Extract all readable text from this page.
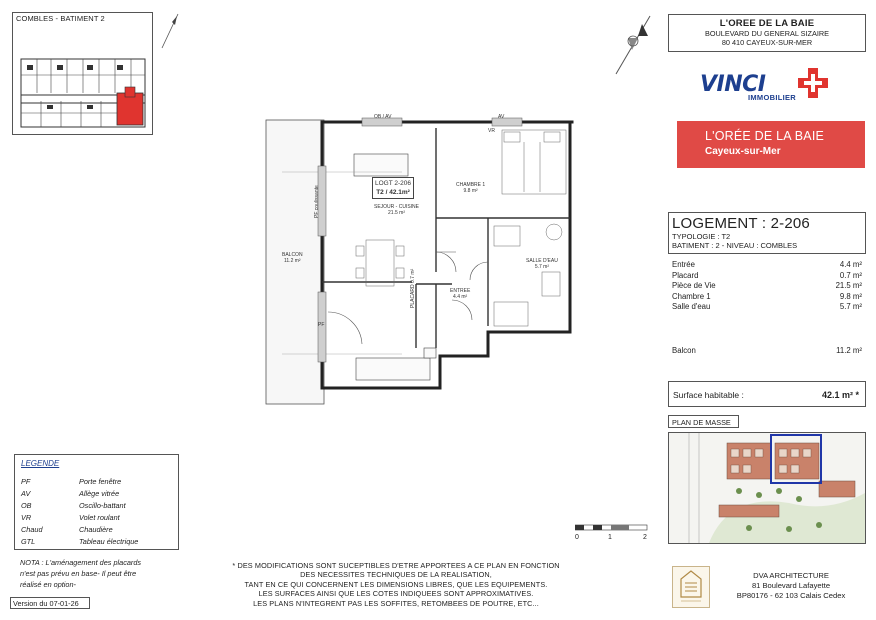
COMBLES - BATIMENT 2	L'OREE DE LA BAIE
BOULEVARD DU GENERAL SIZAIRE
80 410 CAYEUX-SUR-MER
VINCI
IMMOBILIER
L'ORÉE DE LA BAIE
Cayeux-sur-Mer
LOGEMENT : 2-206
TYPOLOGIE : T2
BATIMENT : 2 - NIVEAU : COMBLES
Entrée	4.4 m²
Placard	0.7 m²
Pièce de Vie	21.5 m²
Chambre 1	9.8 m²
Salle d'eau	5.7 m²
Balcon	11.2 m²
Surface habitable :	42.1 m² *
PLAN DE MASSE
OB / AV	AV
VR
LOGT 2-206
T2 / 42.1m²
SEJOUR - CUISINE
21.5 m²
CHAMBRE 1
9.8 m²
SALLE D'EAU
5.7 m²
ENTREE
4.4 m²
PLACARD 0.7 m²
BALCON
11.2 m²
PF coulissante
PF
LEGENDE
PF	Porte fenêtre
AV	Allège vitrée
OB	Oscillo-battant
VR	Volet roulant
Chaud	Chaudière
GTL	Tableau électrique
NOTA : L'aménagement des placards
n'est pas prévu en base- Il peut être
réalisé en option-
Version du 07-01-26
* DES MODIFICATIONS SONT SUCEPTIBLES D'ETRE APPORTEES A CE PLAN EN FONCTION
DES NECESSITES TECHNIQUES DE LA REALISATION,
TANT EN CE QUI CONCERNENT LES DIMENSIONS LIBRES, QUE LES EQUIPEMENTS.
LES SURFACES AINSI QUE LES COTES INDIQUEES SONT APPROXIMATIVES.
LES PLANS N'INTEGRENT PAS LES SOFFITES, RETOMBEES DE POUTRE, ETC...
0	1	2
DVA ARCHITECTURE
81 Boulevard Lafayette
BP80176 - 62 103 Calais Cedex
